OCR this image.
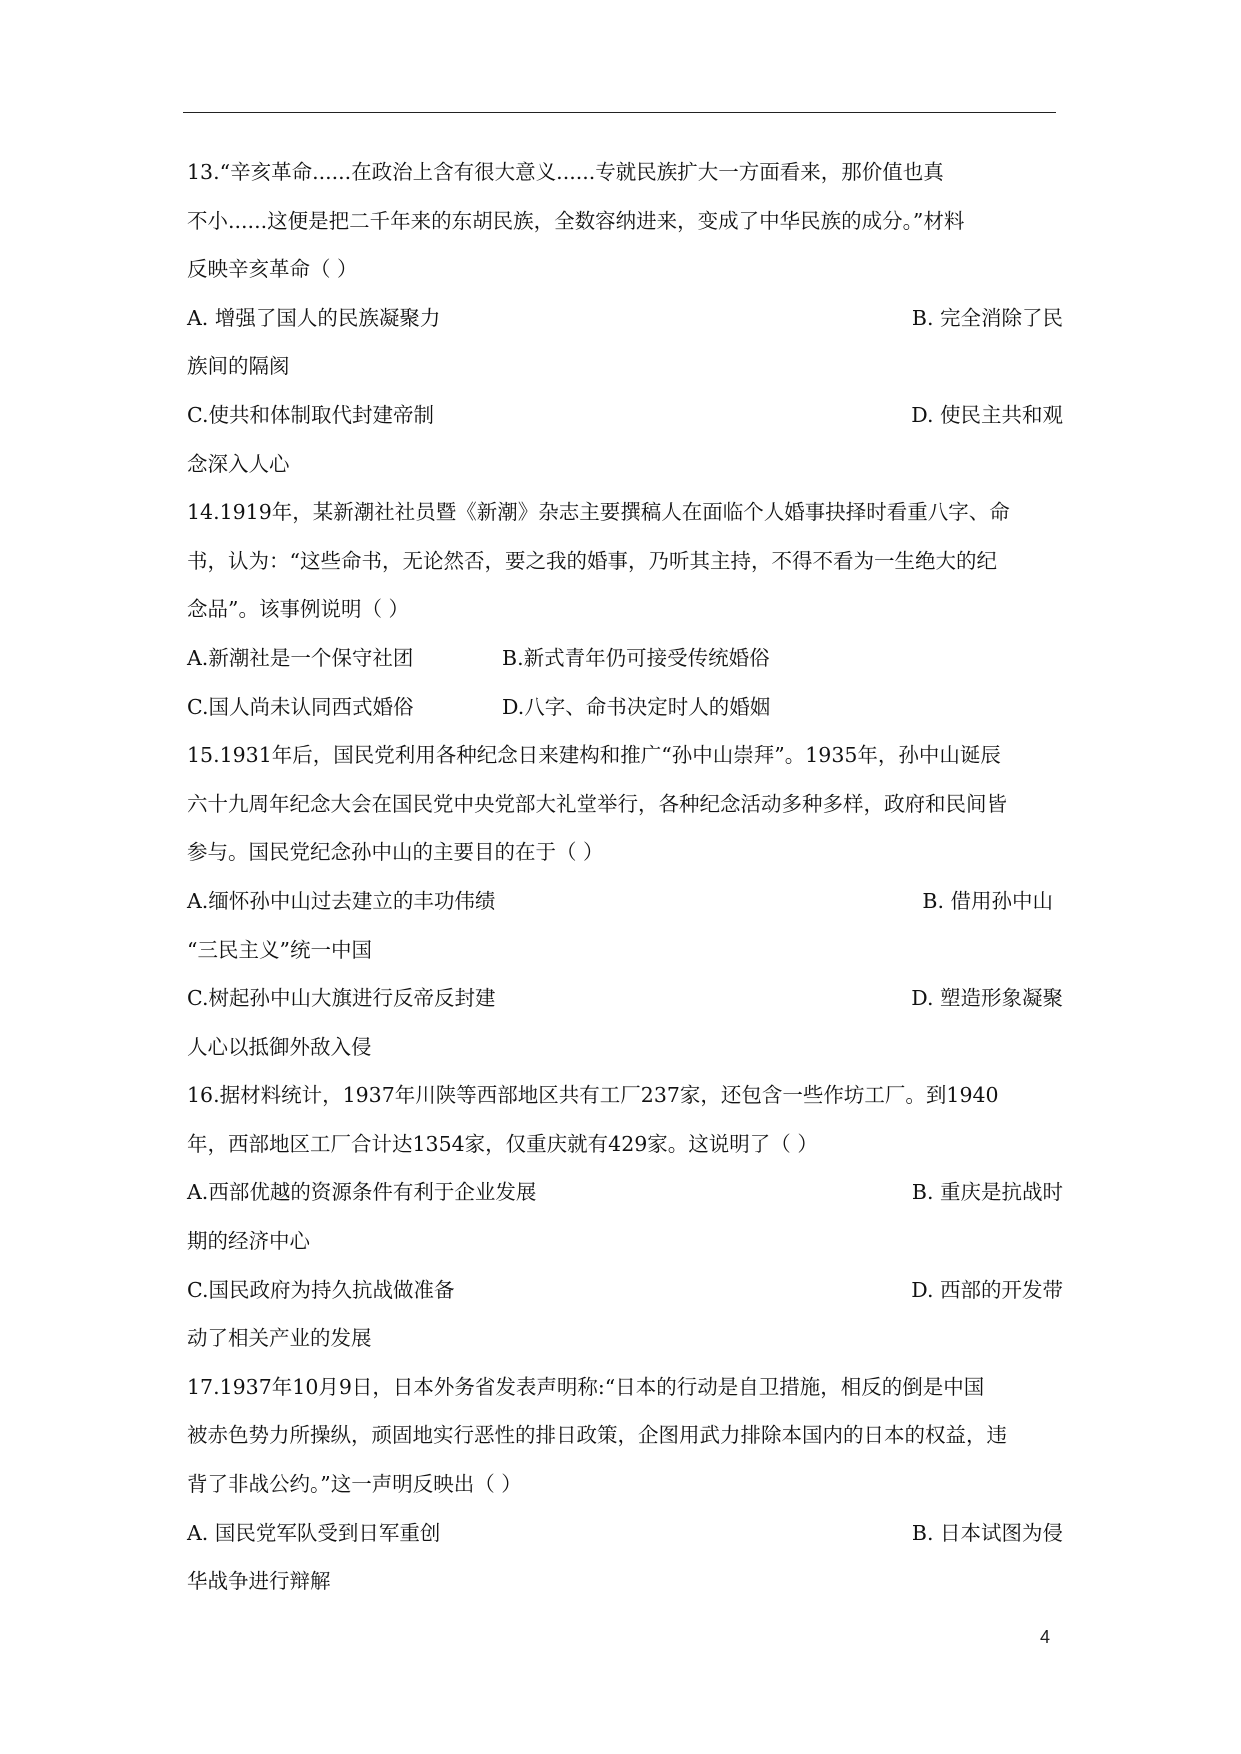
13.“辛亥革命......在政治上含有很大意义......专就民族扩大一方面看来，那价值也真
不小......这便是把二千年来的东胡民族，全数容纳进来，变成了中华民族的成分。”材料
反映辛亥革命（ ）
A. 增强了国人的民族凝聚力	B. 完全消除了民
族间的隔阂
C.使共和体制取代封建帝制	D. 使民主共和观
念深入人心
14.1919年，某新潮社社员暨《新潮》杂志主要撰稿人在面临个人婚事抉择时看重八字、命
书，认为：“这些命书，无论然否，要之我的婚事，乃听其主持，不得不看为一生绝大的纪
念品”。该事例说明（ ）
A.新潮社是一个保守社团	B.新式青年仍可接受传统婚俗
C.国人尚未认同西式婚俗	D.八字、命书决定时人的婚姻
15.1931年后，国民党利用各种纪念日来建构和推广“孙中山崇拜”。1935年，孙中山诞辰
六十九周年纪念大会在国民党中央党部大礼堂举行，各种纪念活动多种多样，政府和民间皆
参与。国民党纪念孙中山的主要目的在于（ ）
A.缅怀孙中山过去建立的丰功伟绩	B. 借用孙中山
“三民主义”统一中国
C.树起孙中山大旗进行反帝反封建	D. 塑造形象凝聚
人心以抵御外敌入侵
16.据材料统计，1937年川陕等西部地区共有工厂237家，还包含一些作坊工厂。到1940
年，西部地区工厂合计达1354家，仅重庆就有429家。这说明了（ ）
A.西部优越的资源条件有利于企业发展	B. 重庆是抗战时
期的经济中心
C.国民政府为持久抗战做准备	D. 西部的开发带
动了相关产业的发展
17.1937年10月9日，日本外务省发表声明称:“日本的行动是自卫措施，相反的倒是中国
被赤色势力所操纵，顽固地实行恶性的排日政策，企图用武力排除本国内的日本的权益，违
背了非战公约。”这一声明反映出（ ）
A. 国民党军队受到日军重创	B. 日本试图为侵
华战争进行辩解
4
